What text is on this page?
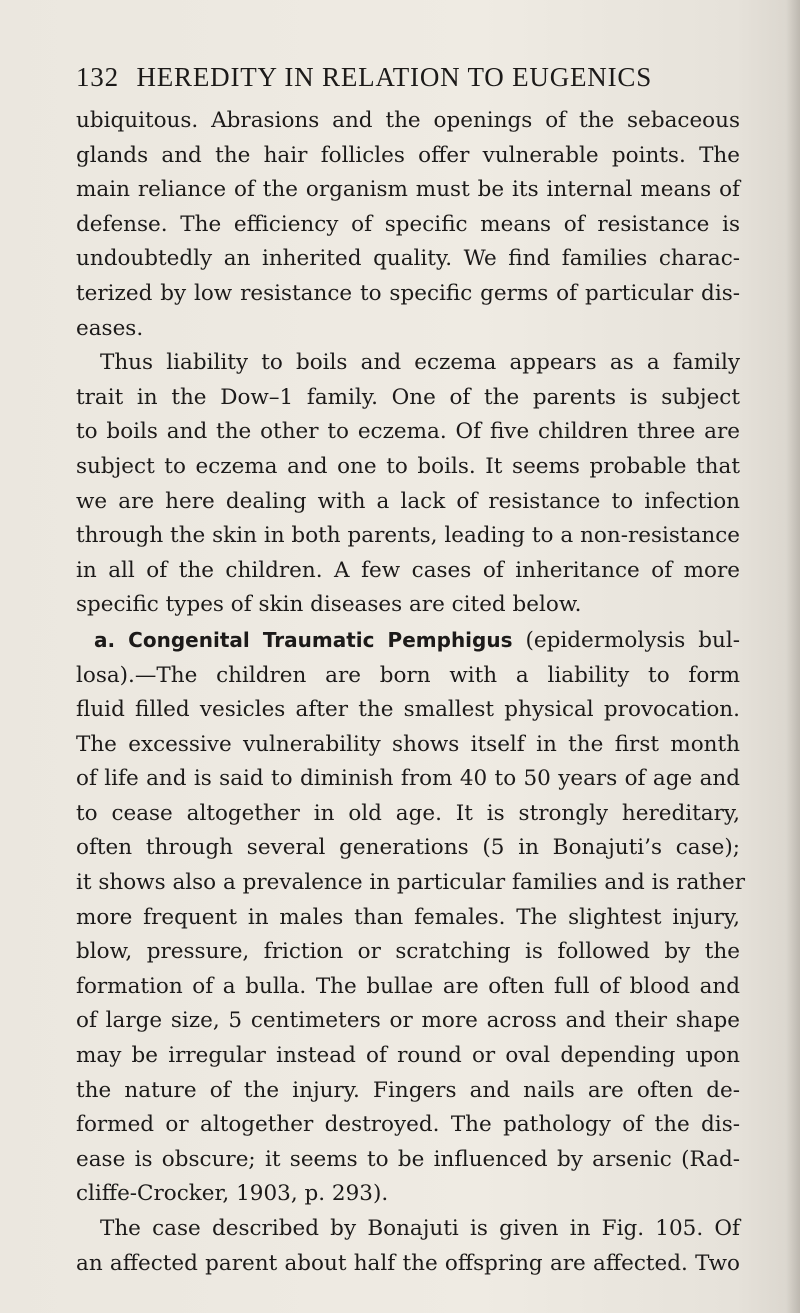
132 HEREDITY IN RELATION TO EUGENICS
ubiquitous. Abrasions and the openings of the sebaceous
glands and the hair follicles offer vulnerable points. The
main reliance of the organism must be its internal means of
defense. The efficiency of specific means of resistance is
undoubtedly an inherited quality. We find families charac-
terized by low resistance to specific germs of particular dis-
eases.
Thus liability to boils and eczema appears as a family
trait in the Dow–1 family. One of the parents is subject
to boils and the other to eczema. Of five children three are
subject to eczema and one to boils. It seems probable that
we are here dealing with a lack of resistance to infection
through the skin in both parents, leading to a non-resistance
in all of the children. A few cases of inheritance of more
specific types of skin diseases are cited below.
a. Congenital Traumatic Pemphigus (epidermolysis bul-
losa).—The children are born with a liability to form
fluid filled vesicles after the smallest physical provocation.
The excessive vulnerability shows itself in the first month
of life and is said to diminish from 40 to 50 years of age and
to cease altogether in old age. It is strongly hereditary,
often through several generations (5 in Bonajuti’s case);
it shows also a prevalence in particular families and is rather
more frequent in males than females. The slightest injury,
blow, pressure, friction or scratching is followed by the
formation of a bulla. The bullae are often full of blood and
of large size, 5 centimeters or more across and their shape
may be irregular instead of round or oval depending upon
the nature of the injury. Fingers and nails are often de-
formed or altogether destroyed. The pathology of the dis-
ease is obscure; it seems to be influenced by arsenic (Rad-
cliffe-Crocker, 1903, p. 293).
The case described by Bonajuti is given in Fig. 105. Of
an affected parent about half the offspring are affected. Two
